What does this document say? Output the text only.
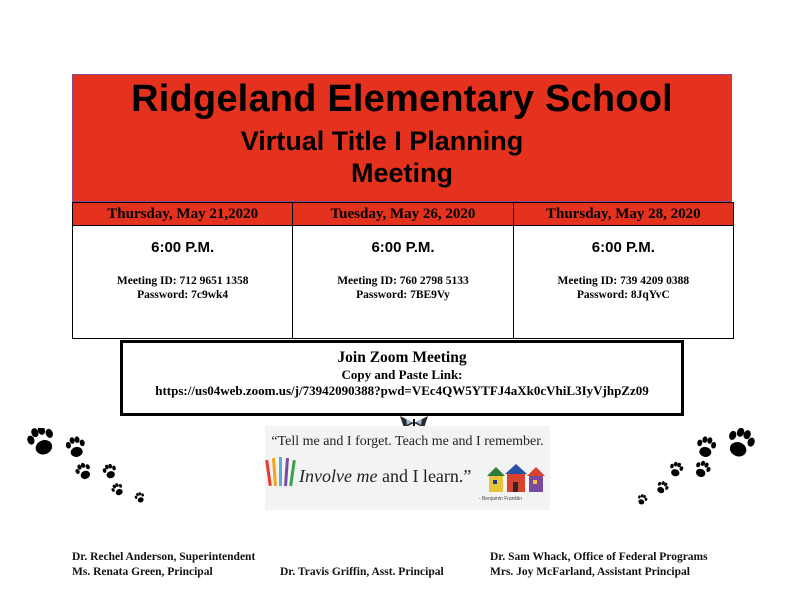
Ridgeland Elementary School
Virtual Title I Planning
Meeting
Thursday, May 21,2020
6:00 P.M.
Meeting ID: 712 9651 1358
Password: 7c9wk4
Tuesday, May 26, 2020
6:00 P.M.
Meeting ID: 760 2798 5133
Password: 7BE9Vy
Thursday, May 28, 2020
6:00 P.M.
Meeting ID: 739 4209 0388
Password: 8JqYvC
Join Zoom Meeting
Copy and Paste Link:
https://us04web.zoom.us/j/73942090388?pwd=VEc4QW5YTFJ4aXk0cVhiL3IyVjhpZz09
“Tell me and I forget. Teach me and I remember.
Involve me and I learn.”
- Benjamin Franklin
Dr. Rechel Anderson, Superintendent
Ms. Renata Green, Principal	Dr. Travis Griffin, Asst. Principal
Dr. Sam Whack, Office of Federal Programs
Mrs. Joy McFarland, Assistant Principal
